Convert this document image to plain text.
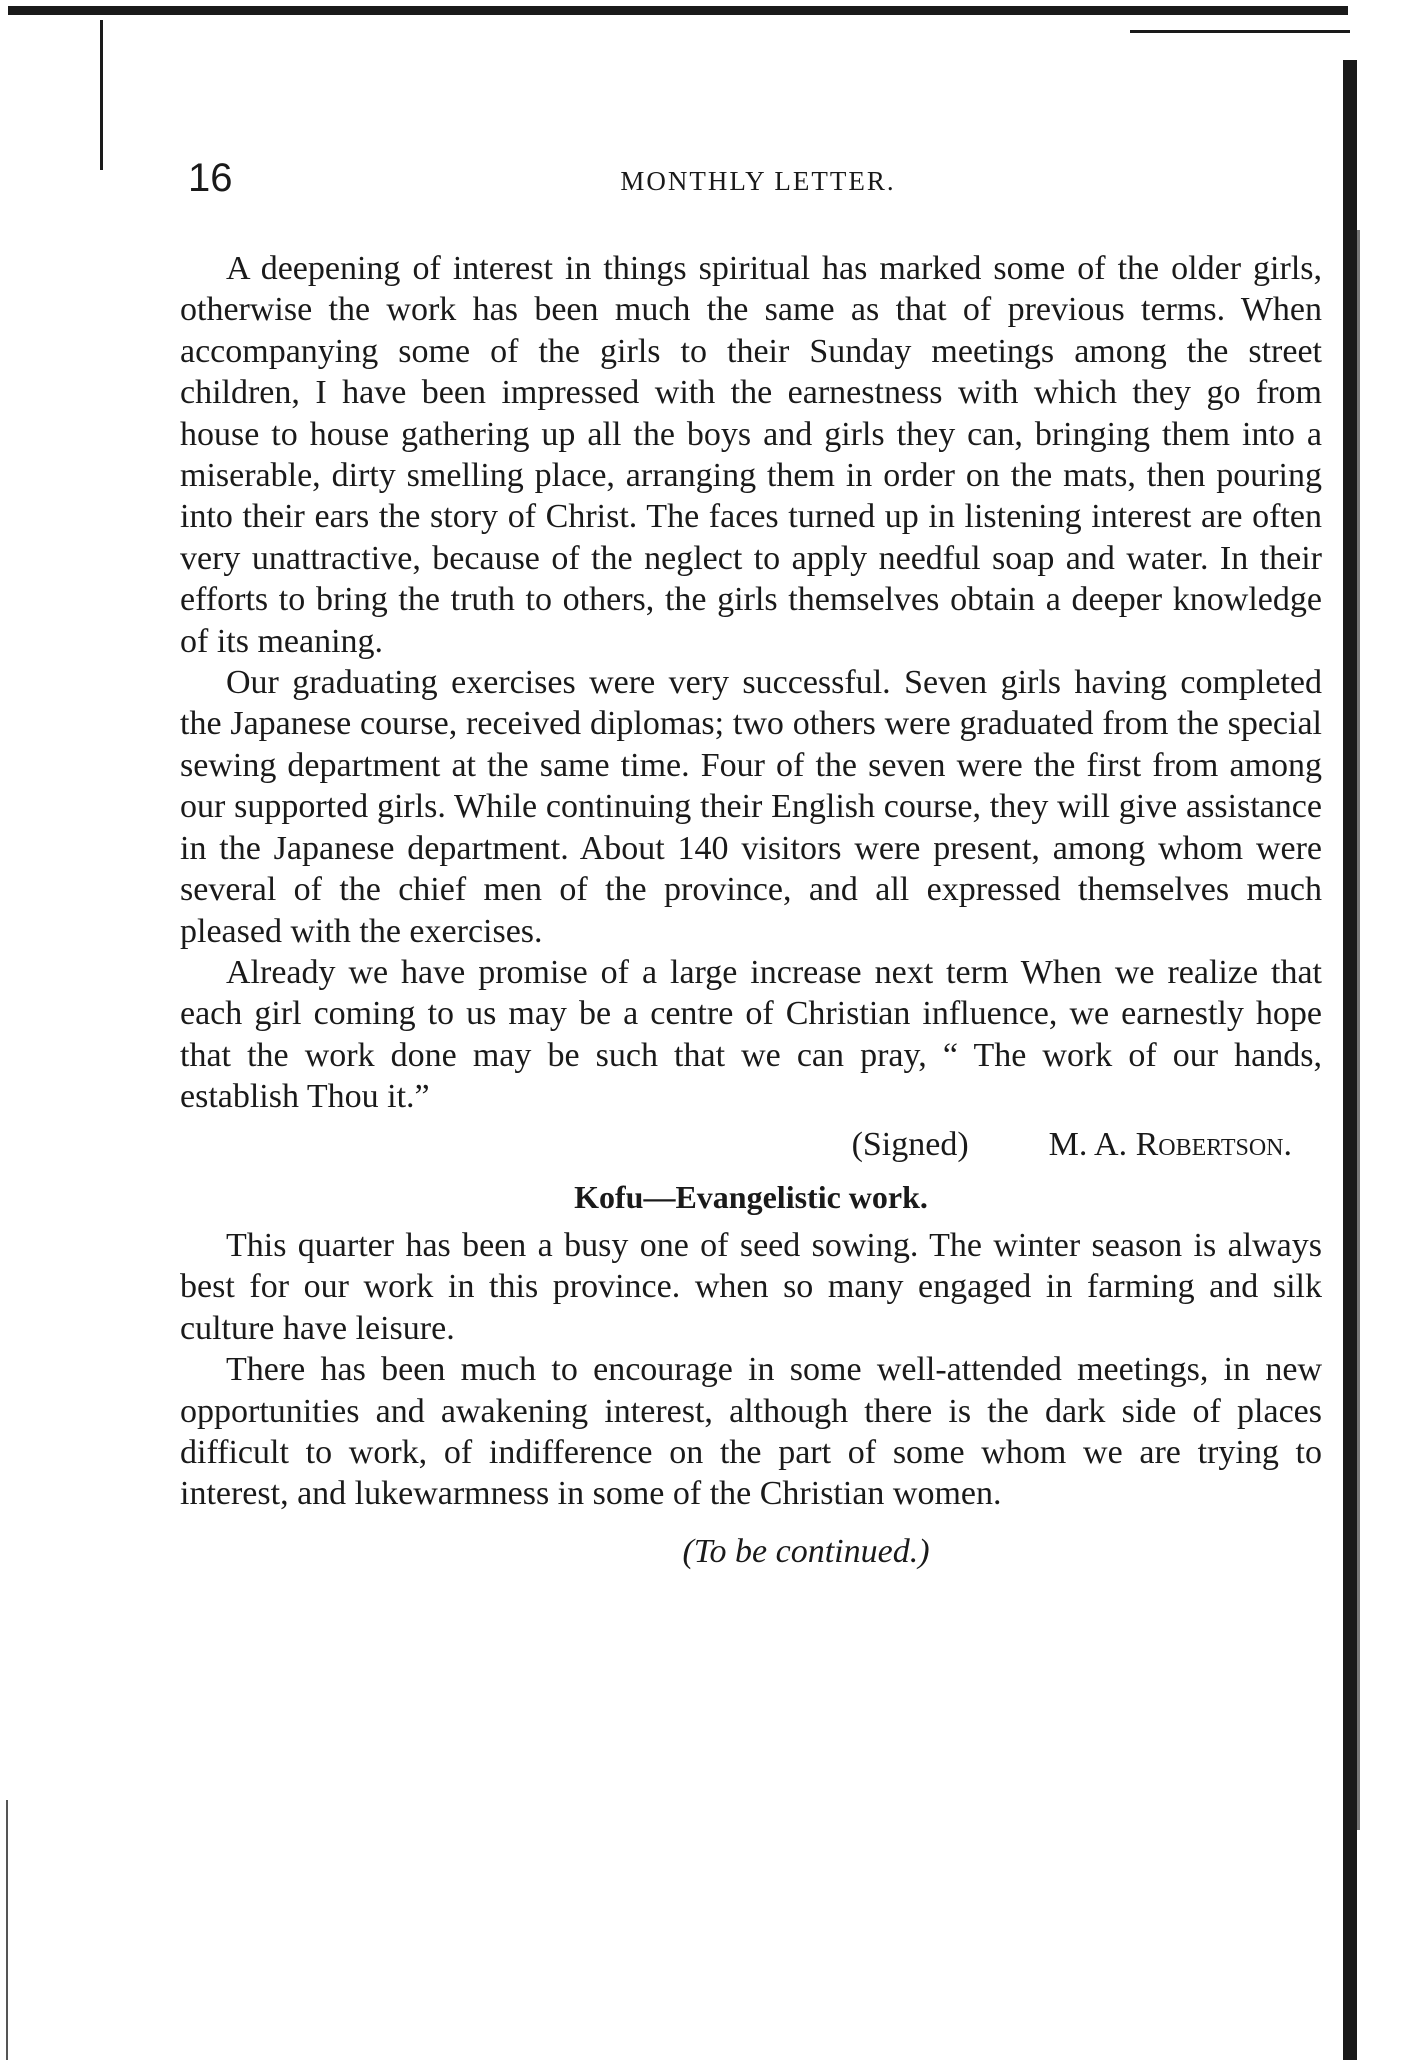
16	MONTHLY LETTER.

A deepening of interest in things spiritual has marked some of the older girls, otherwise the work has been much the same as that of previous terms. When accompanying some of the girls to their Sunday meetings among the street children, I have been impressed with the earnestness with which they go from house to house gathering up all the boys and girls they can, bringing them into a miserable, dirty smelling place, arranging them in order on the mats, then pouring into their ears the story of Christ. The faces turned up in listening interest are often very unattractive, because of the neglect to apply needful soap and water. In their efforts to bring the truth to others, the girls themselves obtain a deeper knowledge of its meaning.

Our graduating exercises were very successful. Seven girls having completed the Japanese course, received diplomas; two others were graduated from the special sewing department at the same time. Four of the seven were the first from among our supported girls. While continuing their English course, they will give assistance in the Japanese department. About 140 visitors were present, among whom were several of the chief men of the province, and all expressed themselves much pleased with the exercises.

Already we have promise of a large increase next term When we realize that each girl coming to us may be a centre of Christian influence, we earnestly hope that the work done may be such that we can pray, “ The work of our hands, establish Thou it.”

(Signed) M. A. Robertson.
Kofu—Evangelistic work.

This quarter has been a busy one of seed sowing. The winter season is always best for our work in this province. when so many engaged in farming and silk culture have leisure.

There has been much to encourage in some well-attended meetings, in new opportunities and awakening interest, although there is the dark side of places difficult to work, of indifference on the part of some whom we are trying to interest, and lukewarmness in some of the Christian women.

(To be continued.)
